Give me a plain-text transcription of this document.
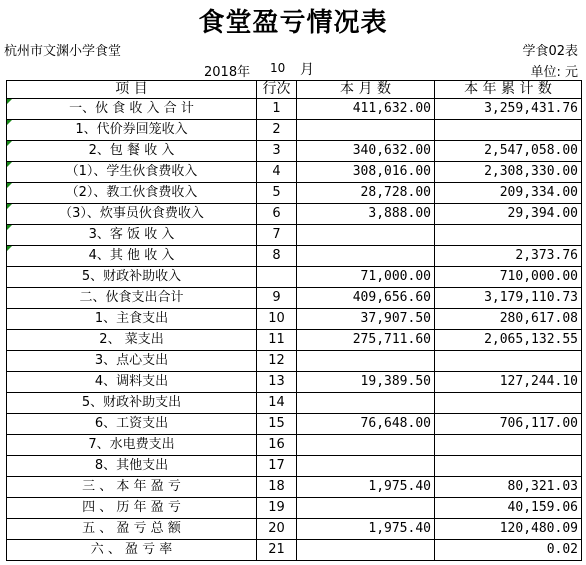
食堂盈亏情况表
杭州市文渊小学食堂	学食02表
2018年 10 月	单位: 元
项 目	行次	本 月 数	本 年 累 计 数

一、伙 食 收 入 合 计	1	411,632.00	3,259,431.76

1、代价券回笼收入	2		

2、包 餐 收 入	3	340,632.00	2,547,058.00

（1）、学生伙食费收入	4	308,016.00	2,308,330.00

（2）、教工伙食费收入	5	28,728.00	209,334.00

（3）、炊事员伙食费收入	6	3,888.00	29,394.00

3、客 饭 收 入	7		

4、其 他 收 入	8		2,373.76
5、财政补助收入		71,000.00	710,000.00
二、伙食支出合计	9	409,656.60	3,179,110.73
1、主食支出	10	37,907.50	280,617.08
2、 菜支出	11	275,711.60	2,065,132.55
3、点心支出	12		
4、调料支出	13	19,389.50	127,244.10
5、财政补助支出	14		
6、工资支出	15	76,648.00	706,117.00
7、水电费支出	16		
8、其他支出	17		
三 、 本 年 盈 亏	18	1,975.40	80,321.03
四 、 历 年 盈 亏	19		40,159.06
五 、 盈 亏 总 额	20	1,975.40	120,480.09
六 、 盈 亏 率	21		0.02
